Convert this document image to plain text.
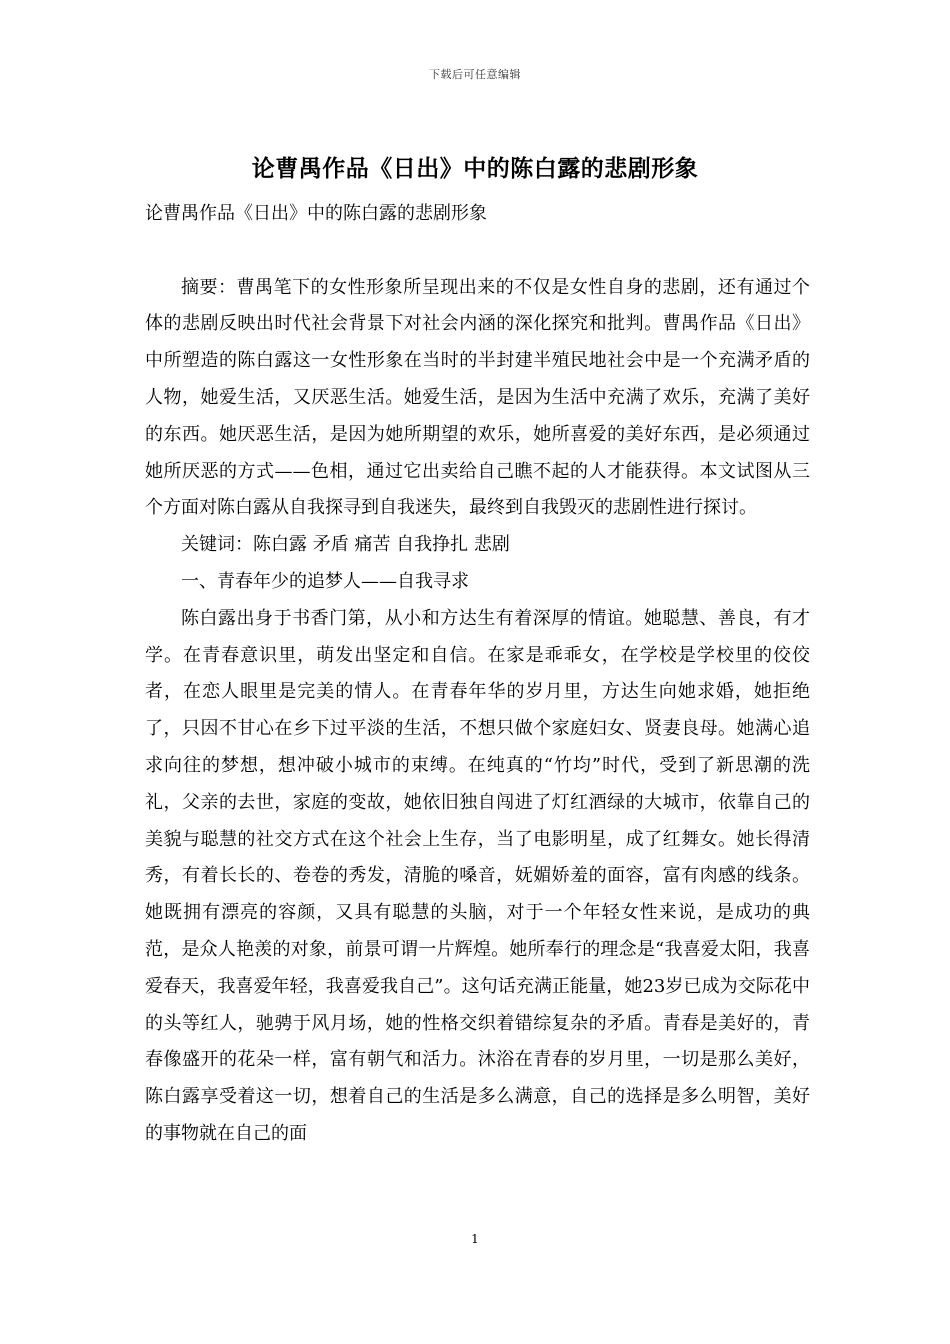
下载后可任意编辑
论曹禺作品《日出》中的陈白露的悲剧形象

论曹禺作品《日出》中的陈白露的悲剧形象

摘要：曹禺笔下的女性形象所呈现出来的不仅是女性自身的悲剧，还有通过个体的悲剧反映出时代社会背景下对社会内涵的深化探究和批判。曹禺作品《日出》中所塑造的陈白露这一女性形象在当时的半封建半殖民地社会中是一个充满矛盾的人物，她爱生活，又厌恶生活。她爱生活，是因为生活中充满了欢乐，充满了美好的东西。她厌恶生活，是因为她所期望的欢乐，她所喜爱的美好东西，是必须通过她所厌恶的方式——色相，通过它出卖给自己瞧不起的人才能获得。本文试图从三个方面对陈白露从自我探寻到自我迷失，最终到自我毁灭的悲剧性进行探讨。

关键词：陈白露 矛盾 痛苦 自我挣扎 悲剧

一、青春年少的追梦人——自我寻求

陈白露出身于书香门第，从小和方达生有着深厚的情谊。她聪慧、善良，有才学。在青春意识里，萌发出坚定和自信。在家是乖乖女，在学校是学校里的佼佼者，在恋人眼里是完美的情人。在青春年华的岁月里，方达生向她求婚，她拒绝了，只因不甘心在乡下过平淡的生活，不想只做个家庭妇女、贤妻良母。她满心追求向往的梦想，想冲破小城市的束缚。在纯真的“竹均”时代，受到了新思潮的洗礼，父亲的去世，家庭的变故，她依旧独自闯进了灯红酒绿的大城市，依靠自己的美貌与聪慧的社交方式在这个社会上生存，当了电影明星，成了红舞女。她长得清秀，有着长长的、卷卷的秀发，清脆的嗓音，妩媚娇羞的面容，富有肉感的线条。她既拥有漂亮的容颜，又具有聪慧的头脑，对于一个年轻女性来说，是成功的典范，是众人艳羡的对象，前景可谓一片辉煌。她所奉行的理念是“我喜爱太阳，我喜爱春天，我喜爱年轻，我喜爱我自己”。这句话充满正能量，她23岁已成为交际花中的头等红人，驰骋于风月场，她的性格交织着错综复杂的矛盾。青春是美好的，青春像盛开的花朵一样，富有朝气和活力。沐浴在青春的岁月里，一切是那么美好，陈白露享受着这一切，想着自己的生活是多么满意，自己的选择是多么明智，美好的事物就在自己的面

1
